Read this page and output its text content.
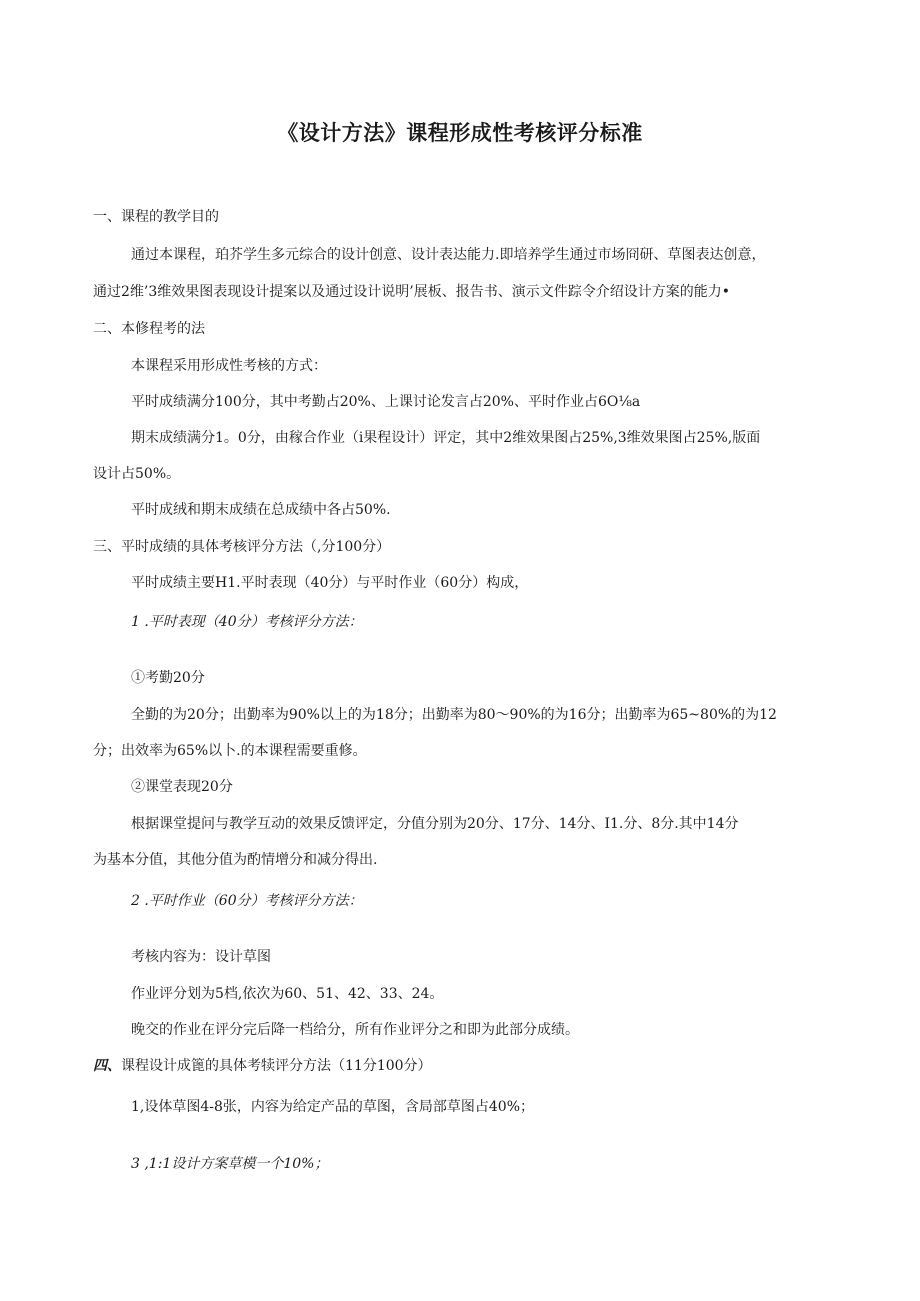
《设计方法》课程形成性考核评分标准
一、课程的教学目的
通过本课程，珀芥学生多元综合的设计创意、设计表达能力.即培养学生通过市场冏研、草图表达创意，
通过2维’3维效果图表现设计提案以及通过设计说明’展板、报告书、演示文件踪令介绍设计方案的能力•
二、本修程考的法
本课程采用形成性考核的方式：
平时成绩满分100分，其中考勤占20%、上课讨论发言占20%、平时作业占6O⅛a
期末成绩满分1。0分，由稼合作业（i果程设计）评定，其中2维效果图占25%,3维效果图占25%,版面
设计占50%。
平时成绒和期末成绩在总成绩中各占50%.
三、平时成绩的具体考核评分方法（,分100分）
平时成绩主要H1.平时表现（40分）与平时作业（60分）构成，
1 .平时表现（40分）考核评分方法：
①考勤20分
全勤的为20分；出勤率为90%以上的为18分；出勤率为80〜90%的为16分；出勤率为65~80%的为12
分；出效率为65%以卜.的本课程需要重修。
②课堂表现20分
根据课堂提问与教学互动的效果反馈评定，分值分别为20分、17分、14分、I1.分、8分.其中14分
为基本分值，其他分值为酌情增分和减分得出.
2 .平时作业（60分）考核评分方法：
考核内容为：设计草图
作业评分划为5档,依次为60、51、42、33、24。
晚交的作业在评分完后降一档给分，所有作业评分之和即为此部分成绩。
四、课程设计成篦的具体考犊评分方法（11分100分）
1,设体草图4-8张，内容为给定产品的草图，含局部草图占40%；
3 ,1:1设计方案草模一个10%；
